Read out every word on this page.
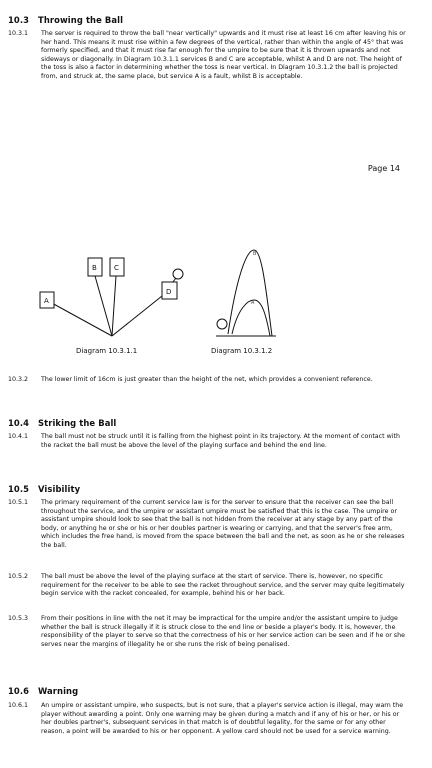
10.3 Throwing the Ball
10.3.1	The server is required to throw the ball "near vertically" upwards and it must rise at least 16 cm after leaving his or her hand. This means it must rise within a few degrees of the vertical, rather than within the angle of 45° that was formerly specified, and that it must rise far enough for the umpire to be sure that it is thrown upwards and not sideways or diagonally. In Diagram 10.3.1.1 services B and C are acceptable, whilst A and D are not. The height of the toss is also a factor in determining whether the toss is near vertical. In Diagram 10.3.1.2 the ball is projected from, and struck at, the same place, but service A is a fault, whilst B is acceptable.
Page 14
A
B C
D
B
A
Diagram 10.3.1.1	Diagram 10.3.1.2
10.3.2	The lower limit of 16cm is just greater than the height of the net, which provides a convenient reference.
10.4 Striking the Ball
10.4.1	The ball must not be struck until it is falling from the highest point in its trajectory. At the moment of contact with the racket the ball must be above the level of the playing surface and behind the end line.
10.5 Visibility
10.5.1	The primary requirement of the current service law is for the server to ensure that the receiver can see the ball throughout the service, and the umpire or assistant umpire must be satisfied that this is the case. The umpire or assistant umpire should look to see that the ball is not hidden from the receiver at any stage by any part of the body, or anything he or she or his or her doubles partner is wearing or carrying, and that the server's free arm, which includes the free hand, is moved from the space between the ball and the net, as soon as he or she releases the ball.
10.5.2	The ball must be above the level of the playing surface at the start of service. There is, however, no specific requirement for the receiver to be able to see the racket throughout service, and the server may quite legitimately begin service with the racket concealed, for example, behind his or her back.
10.5.3	From their positions in line with the net it may be impractical for the umpire and/or the assistant umpire to judge whether the ball is struck illegally if it is struck close to the end line or beside a player's body. It is, however, the responsibility of the player to serve so that the correctness of his or her service action can be seen and if he or she serves near the margins of illegality he or she runs the risk of being penalised.
10.6 Warning
10.6.1	An umpire or assistant umpire, who suspects, but is not sure, that a player's service action is illegal, may warn the player without awarding a point. Only one warning may be given during a match and if any of his or her, or his or her doubles partner's, subsequent services in that match is of doubtful legality, for the same or for any other reason, a point will be awarded to his or her opponent. A yellow card should not be used for a service warning.
